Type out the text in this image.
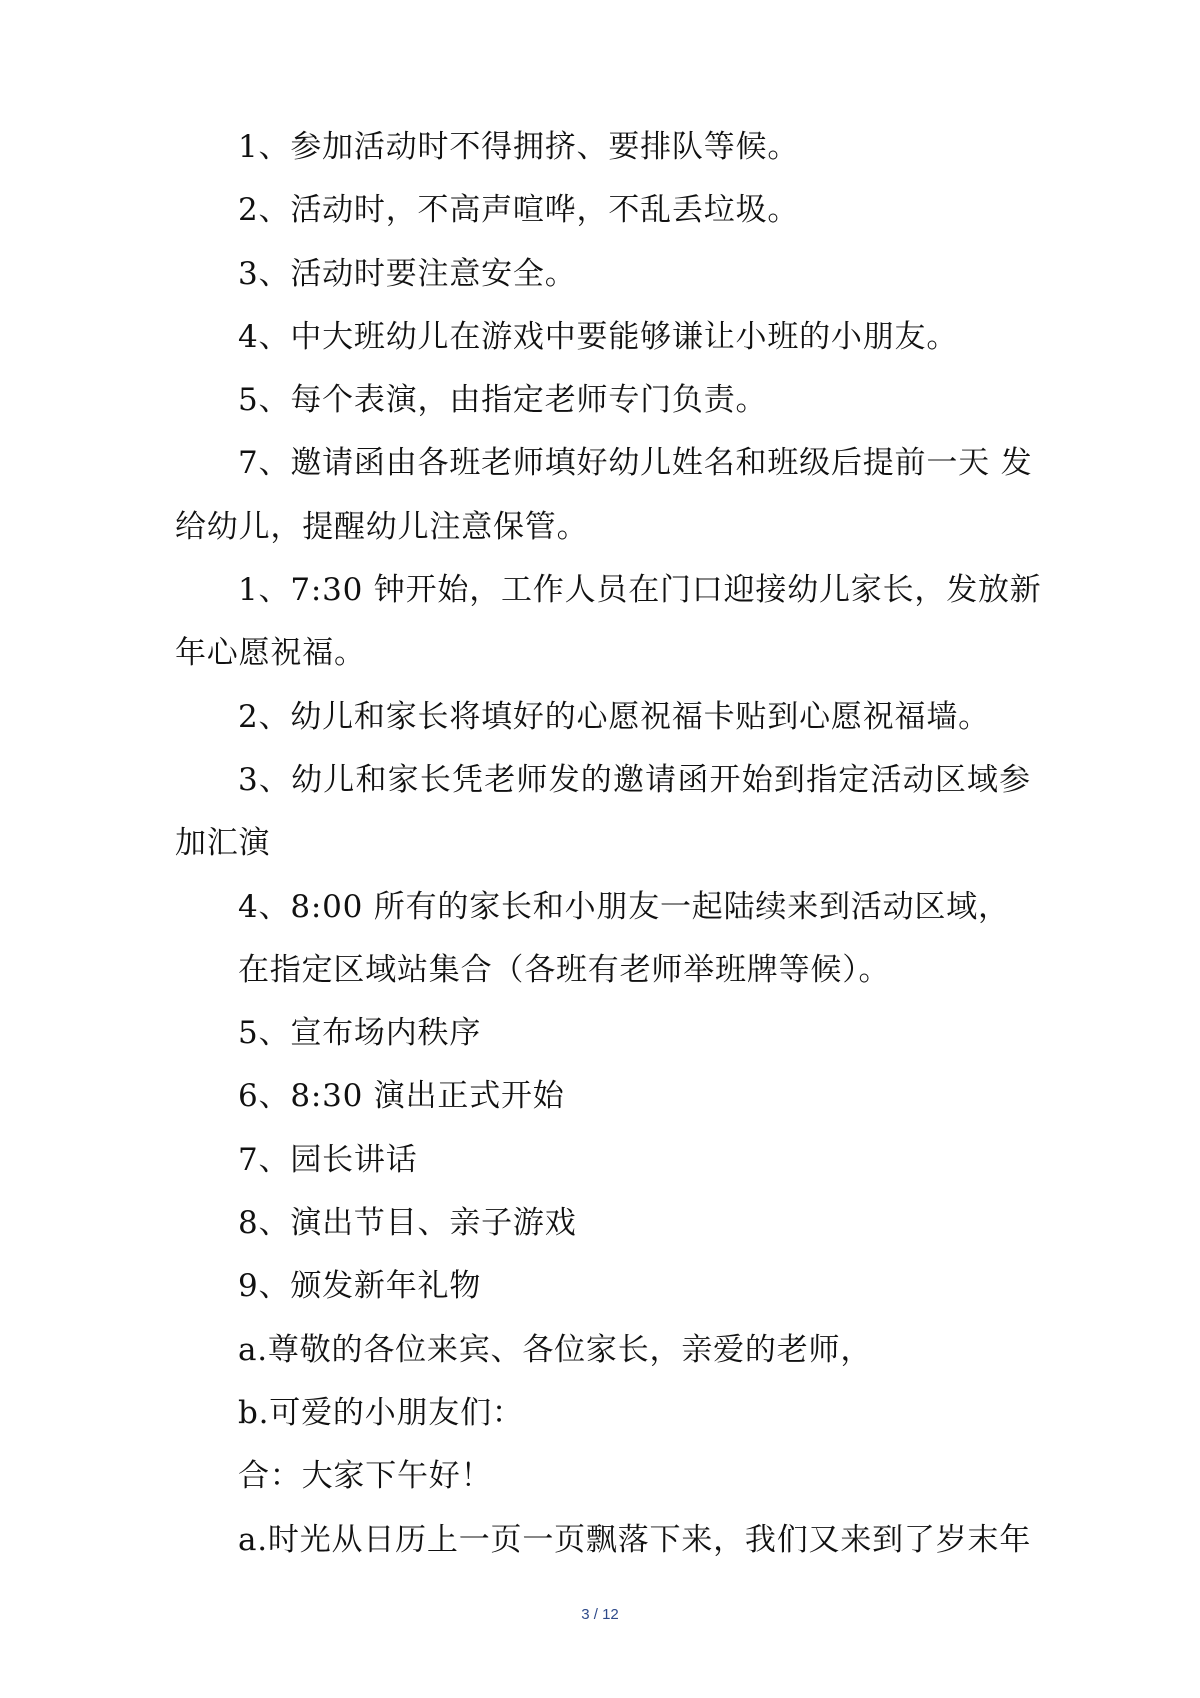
1、参加活动时不得拥挤、要排队等候。
2、活动时，不高声喧哗，不乱丢垃圾。
3、活动时要注意安全。
4、中大班幼儿在游戏中要能够谦让小班的小朋友。
5、每个表演，由指定老师专门负责。
7、邀请函由各班老师填好幼儿姓名和班级后提前一天 发
给幼儿，提醒幼儿注意保管。
1、7:30 钟开始，工作人员在门口迎接幼儿家长，发放新
年心愿祝福。
2、幼儿和家长将填好的心愿祝福卡贴到心愿祝福墙。
3、幼儿和家长凭老师发的邀请函开始到指定活动区域参
加汇演
4、8:00 所有的家长和小朋友一起陆续来到活动区域，
在指定区域站集合（各班有老师举班牌等候）。
5、宣布场内秩序
6、8:30 演出正式开始
7、园长讲话
8、演出节目、亲子游戏
9、颁发新年礼物
a.尊敬的各位来宾、各位家长，亲爱的老师，
b.可爱的小朋友们：
合：大家下午好！
a.时光从日历上一页一页飘落下来，我们又来到了岁末年
3 / 12
